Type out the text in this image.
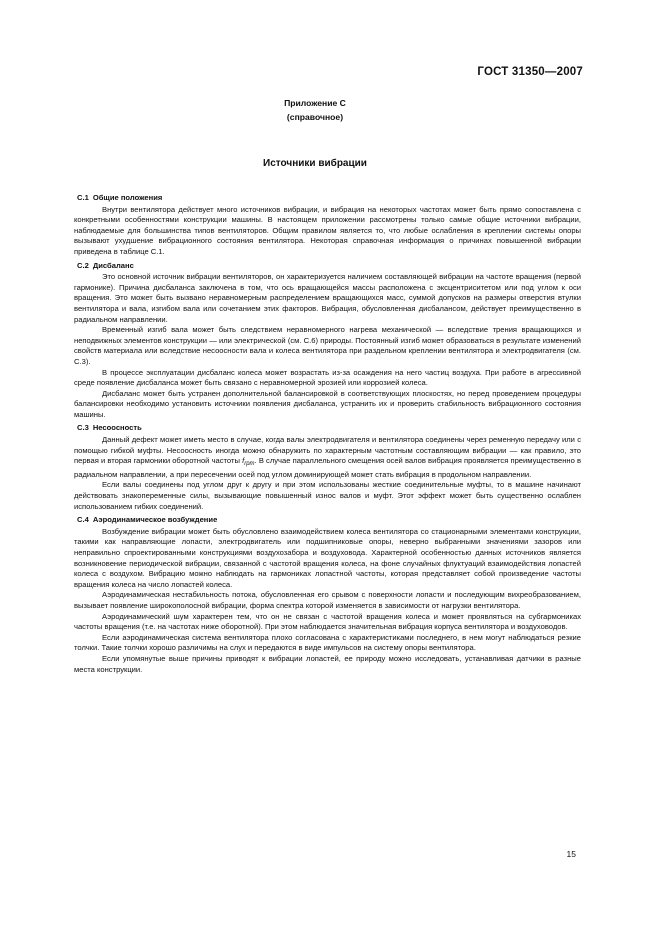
ГОСТ 31350—2007
Приложение С
(справочное)
Источники вибрации
С.1 Общие положения

Внутри вентилятора действует много источников вибрации, и вибрация на некоторых частотах может быть прямо сопоставлена с конкретными особенностями конструкции машины. В настоящем приложении рассмотрены только самые общие источники вибрации, наблюдаемые для большинства типов вентиляторов. Общим правилом является то, что любые ослабления в креплении системы опоры вызывают ухудшение вибрационного состояния вентилятора. Некоторая справочная информация о причинах повышенной вибрации приведена в таблице С.1.

С.2 Дисбаланс

Это основной источник вибрации вентиляторов, он характеризуется наличием составляющей вибрации на частоте вращения (первой гармонике). Причина дисбаланса заключена в том, что ось вращающейся массы расположена с эксцентриситетом или под углом к оси вращения. Это может быть вызвано неравномерным распределением вращающихся масс, суммой допусков на размеры отверстия втулки вентилятора и вала, изгибом вала или сочетанием этих факторов. Вибрация, обусловленная дисбалансом, действует преимущественно в радиальном направлении.

Временный изгиб вала может быть следствием неравномерного нагрева механической — вследствие трения вращающихся и неподвижных элементов конструкции — или электрической (см. С.6) природы. Постоянный изгиб может образоваться в результате изменений свойств материала или вследствие несоосности вала и колеса вентилятора при раздельном креплении вентилятора и электродвигателя (см. С.3).

В процессе эксплуатации дисбаланс колеса может возрастать из-за осаждения на него частиц воздуха. При работе в агрессивной среде появление дисбаланса может быть связано с неравномерной эрозией или коррозией колеса.

Дисбаланс может быть устранен дополнительной балансировкой в соответствующих плоскостях, но перед проведением процедуры балансировки необходимо установить источники появления дисбаланса, устранить их и проверить стабильность вибрационного состояния машины.

С.3 Несоосность

Данный дефект может иметь место в случае, когда валы электродвигателя и вентилятора соединены через ременную передачу или с помощью гибкой муфты. Несоосность иногда можно обнаружить по характерным частотным составляющим вибрации — как правило, это первая и вторая гармоники оборотной частоты $f_{rpm}$. В случае параллельного смещения осей валов вибрация проявляется преимущественно в радиальном направлении, а при пересечении осей под углом доминирующей может стать вибрация в продольном направлении.

Если валы соединены под углом друг к другу и при этом использованы жесткие соединительные муфты, то в машине начинают действовать знакопеременные силы, вызывающие повышенный износ валов и муфт. Этот эффект может быть существенно ослаблен использованием гибких соединений.

С.4 Аэродинамическое возбуждение

Возбуждение вибрации может быть обусловлено взаимодействием колеса вентилятора со стационарными элементами конструкции, такими как направляющие лопасти, электродвигатель или подшипниковые опоры, неверно выбранными значениями зазоров или неправильно спроектированными конструкциями воздухозабора и воздуховода. Характерной особенностью данных источников является возникновение периодической вибрации, связанной с частотой вращения колеса, на фоне случайных флуктуаций взаимодействия лопастей колеса с воздухом. Вибрацию можно наблюдать на гармониках лопастной частоты, которая представляет собой произведение частоты вращения колеса на число лопастей колеса.

Аэродинамическая нестабильность потока, обусловленная его срывом с поверхности лопасти и последующим вихреобразованием, вызывает появление широкополосной вибрации, форма спектра которой изменяется в зависимости от нагрузки вентилятора.

Аэродинамический шум характерен тем, что он не связан с частотой вращения колеса и может проявляться на субгармониках частоты вращения (т.е. на частотах ниже оборотной). При этом наблюдается значительная вибрация корпуса вентилятора и воздуховодов.

Если аэродинамическая система вентилятора плохо согласована с характеристиками последнего, в нем могут наблюдаться резкие толчки. Такие толчки хорошо различимы на слух и передаются в виде импульсов на систему опоры вентилятора.

Если упомянутые выше причины приводят к вибрации лопастей, ее природу можно исследовать, устанавливая датчики в разные места конструкции.

15
